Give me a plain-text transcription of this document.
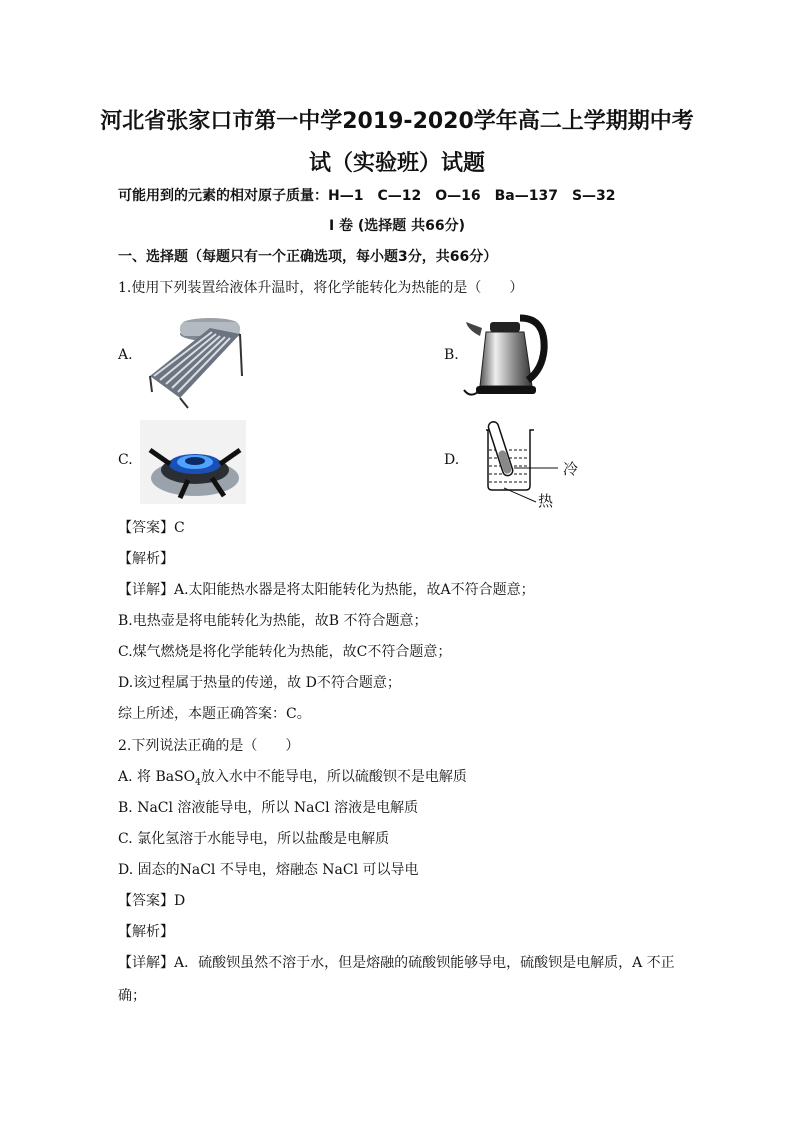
河北省张家口市第一中学2019-2020学年高二上学期期中考
试（实验班）试题
可能用到的元素的相对原子质量：H—1　C—12　O—16　Ba—137　S—32
I 卷 (选择题 共66分)
一、选择题（每题只有一个正确选项，每小题3分，共66分）
1.使用下列装置给液体升温时，将化学能转化为热能的是（　　）
A.	B.
C.	D.	冷
热
【答案】C
【解析】
【详解】A.太阳能热水器是将太阳能转化为热能，故A不符合题意；
B.电热壶是将电能转化为热能，故B 不符合题意；
C.煤气燃烧是将化学能转化为热能，故C不符合题意；
D.该过程属于热量的传递，故 D不符合题意；
综上所述，本题正确答案：C。
2.下列说法正确的是（　　）
A. 将 BaSO$_4$放入水中不能导电，所以硫酸钡不是电解质
B. NaCl 溶液能导电，所以 NaCl 溶液是电解质
C. 氯化氢溶于水能导电，所以盐酸是电解质
D. 固态的NaCl 不导电，熔融态 NaCl 可以导电
【答案】D
【解析】
【详解】A．硫酸钡虽然不溶于水，但是熔融的硫酸钡能够导电，硫酸钡是电解质，A 不正
确；
